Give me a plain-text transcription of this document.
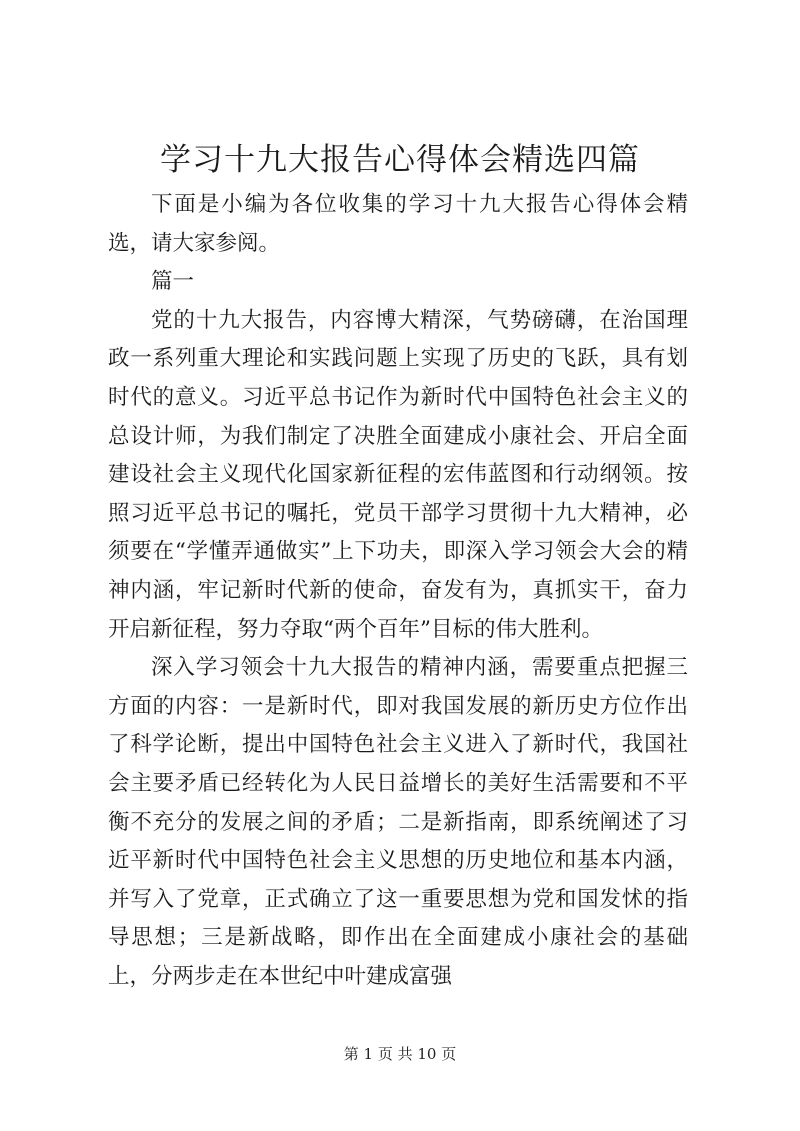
学习十九大报告心得体会精选四篇

下面是小编为各位收集的学习十九大报告心得体会精选，请大家参阅。

篇一

党的十九大报告，内容博大精深，气势磅礴，在治国理政一系列重大理论和实践问题上实现了历史的飞跃，具有划时代的意义。习近平总书记作为新时代中国特色社会主义的总设计师，为我们制定了决胜全面建成小康社会、开启全面建设社会主义现代化国家新征程的宏伟蓝图和行动纲领。按照习近平总书记的嘱托，党员干部学习贯彻十九大精神，必须要在“学懂弄通做实”上下功夫，即深入学习领会大会的精神内涵，牢记新时代新的使命，奋发有为，真抓实干，奋力开启新征程，努力夺取“两个百年”目标的伟大胜利。

深入学习领会十九大报告的精神内涵，需要重点把握三方面的内容：一是新时代，即对我国发展的新历史方位作出了科学论断，提出中国特色社会主义进入了新时代，我国社会主要矛盾已经转化为人民日益增长的美好生活需要和不平衡不充分的发展之间的矛盾；二是新指南，即系统阐述了习近平新时代中国特色社会主义思想的历史地位和基本内涵，并写入了党章，正式确立了这一重要思想为党和国发怵的指导思想；三是新战略，即作出在全面建成小康社会的基础上，分两步走在本世纪中叶建成富强

第 1 页 共 10 页
